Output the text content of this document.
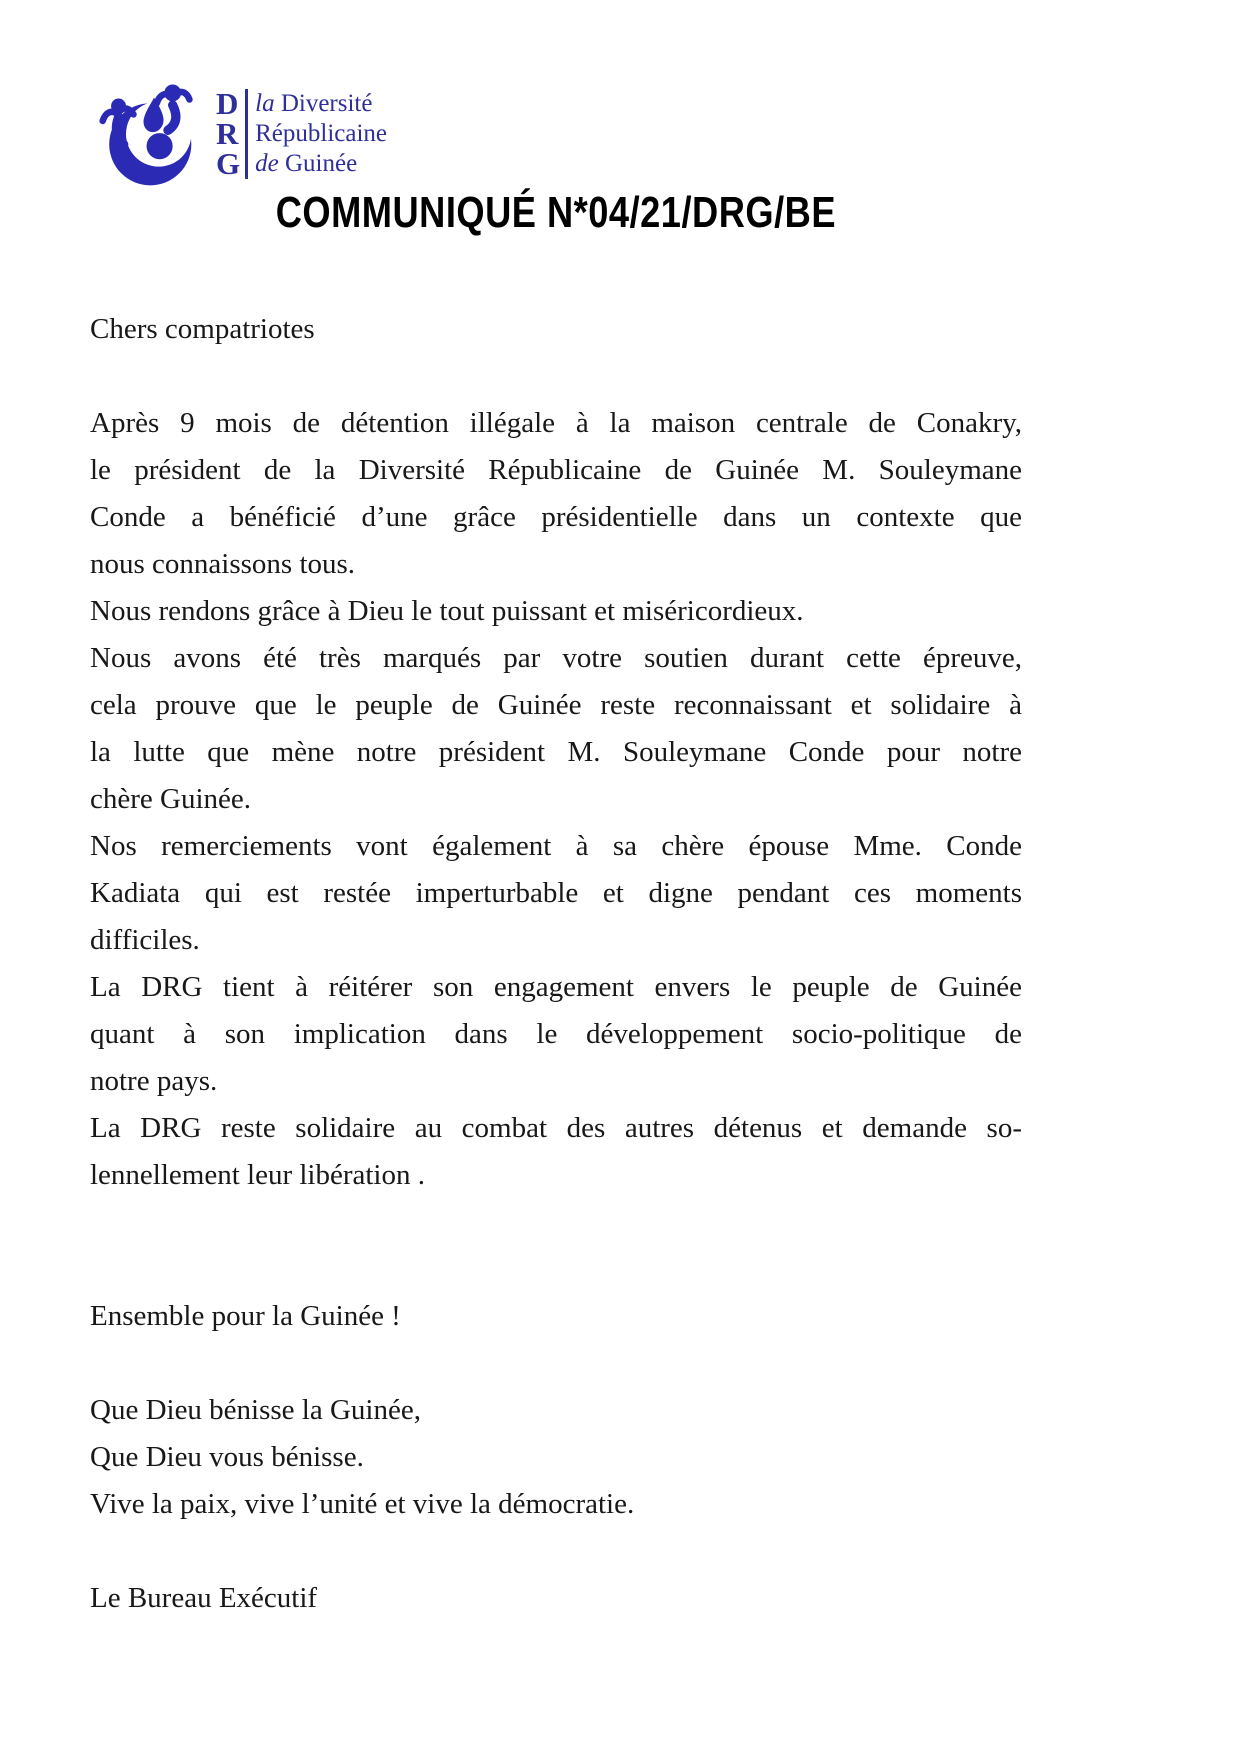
D
R
G
la Diversité
Républicaine
de Guinée
COMMUNIQUÉ N*04/21/DRG/BE
Chers compatriotes
Après 9 mois de détention illégale à la maison centrale de Conakry,
le président de la Diversité Républicaine de Guinée M. Souleymane
Conde a bénéficié d’une grâce présidentielle dans un contexte que
nous connaissons tous.
Nous rendons grâce à Dieu le tout puissant et miséricordieux.
Nous avons été très marqués par votre soutien durant cette épreuve,
cela prouve que le peuple de Guinée reste reconnaissant et solidaire à
la lutte que mène notre président M. Souleymane Conde pour notre
chère Guinée.
Nos remerciements vont également à sa chère épouse Mme. Conde
Kadiata qui est restée imperturbable et digne pendant ces moments
difficiles.
La DRG tient à réitérer son engagement envers le peuple de Guinée
quant à son implication dans le développement socio-politique de
notre pays.
La DRG reste solidaire au combat des autres détenus et demande so-
lennellement leur libération .
Ensemble pour la Guinée !
Que Dieu bénisse la Guinée,
Que Dieu vous bénisse.
Vive la paix, vive l’unité et vive la démocratie.
Le Bureau Exécutif
